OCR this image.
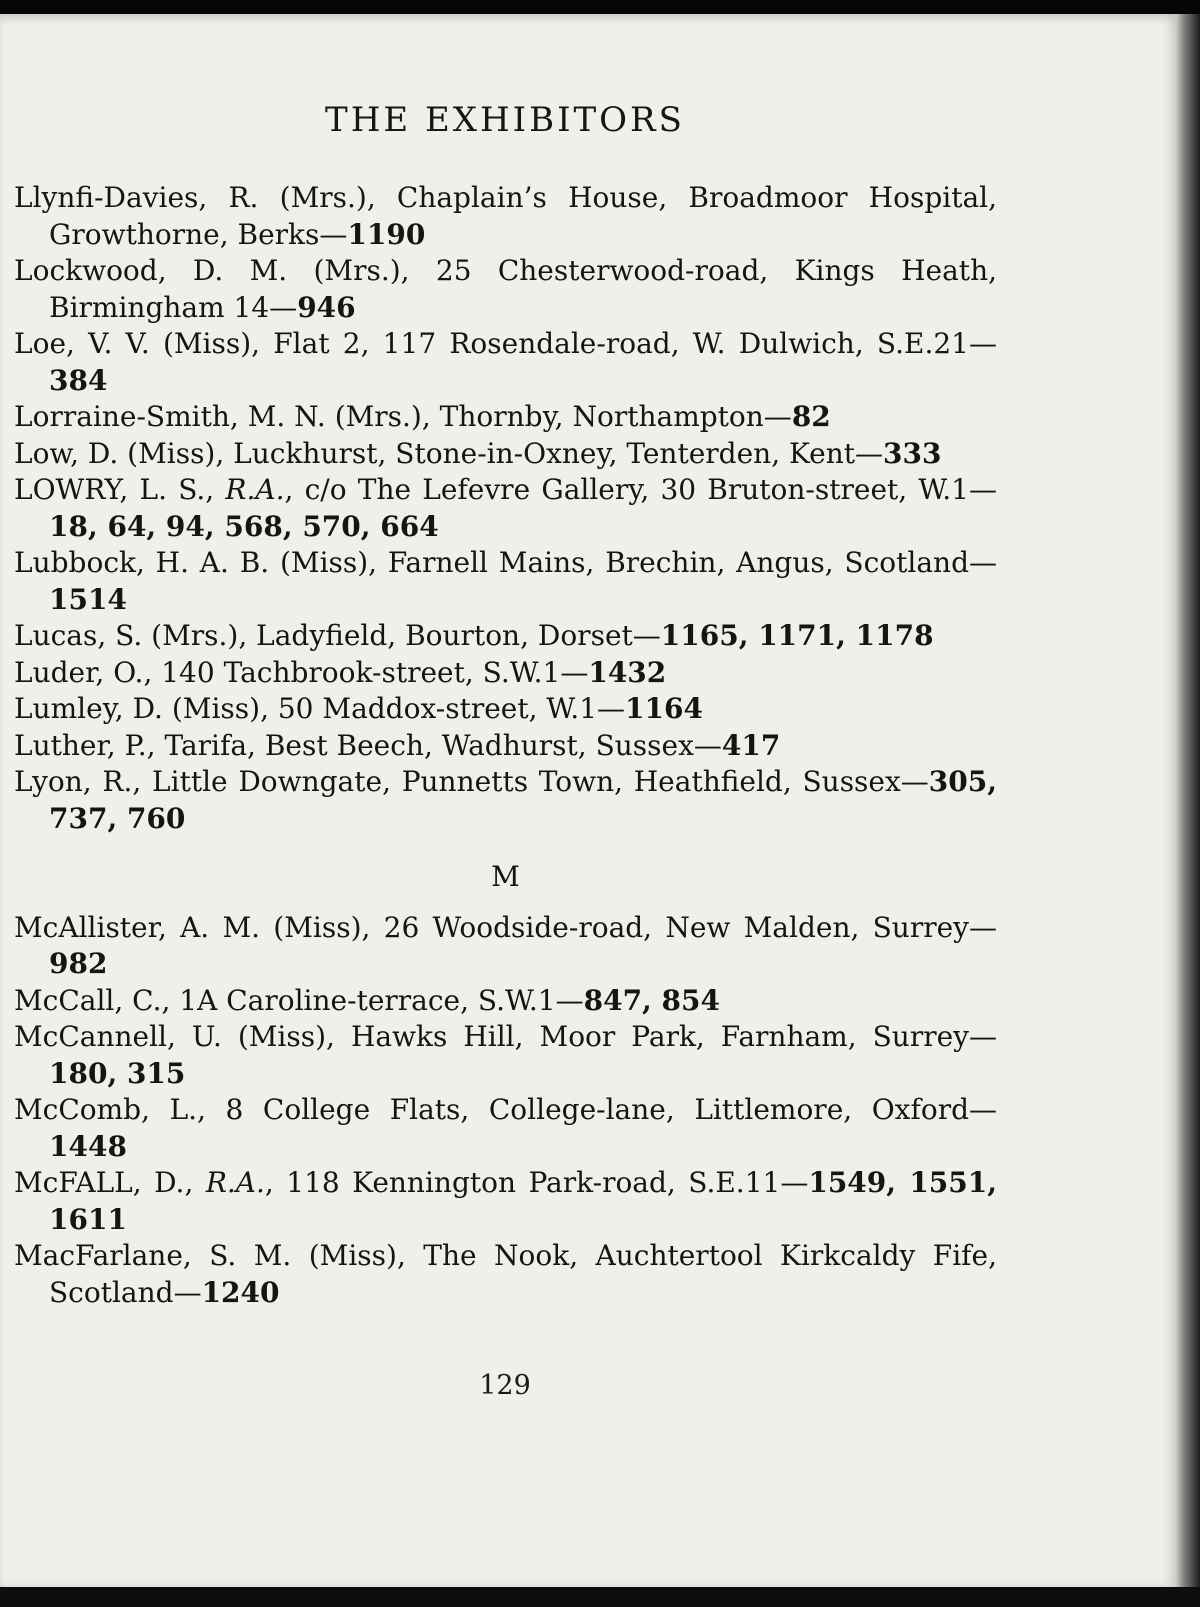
THE EXHIBITORS

Llynfi-Davies, R. (Mrs.), Chaplain’s House, Broadmoor Hospital, Growthorne, Berks—1190

Lockwood, D. M. (Mrs.), 25 Chesterwood-road, Kings Heath, Birmingham 14—946

Loe, V. V. (Miss), Flat 2, 117 Rosendale-road, W. Dulwich, S.E.21—384

Lorraine-Smith, M. N. (Mrs.), Thornby, Northampton—82

Low, D. (Miss), Luckhurst, Stone-in-Oxney, Tenterden, Kent—333

LOWRY, L. S., R.A., c/o The Lefevre Gallery, 30 Bruton-street, W.1—18, 64, 94, 568, 570, 664

Lubbock, H. A. B. (Miss), Farnell Mains, Brechin, Angus, Scotland—1514

Lucas, S. (Mrs.), Ladyfield, Bourton, Dorset—1165, 1171, 1178

Luder, O., 140 Tachbrook-street, S.W.1—1432

Lumley, D. (Miss), 50 Maddox-street, W.1—1164

Luther, P., Tarifa, Best Beech, Wadhurst, Sussex—417

Lyon, R., Little Downgate, Punnetts Town, Heathfield, Sussex—305, 737, 760

M

McAllister, A. M. (Miss), 26 Woodside-road, New Malden, Surrey—982

McCall, C., 1A Caroline-terrace, S.W.1—847, 854

McCannell, U. (Miss), Hawks Hill, Moor Park, Farnham, Surrey—180, 315

McComb, L., 8 College Flats, College-lane, Littlemore, Oxford—1448

McFALL, D., R.A., 118 Kennington Park-road, S.E.11—1549, 1551, 1611

MacFarlane, S. M. (Miss), The Nook, Auchtertool Kirkcaldy Fife, Scotland—1240

129
